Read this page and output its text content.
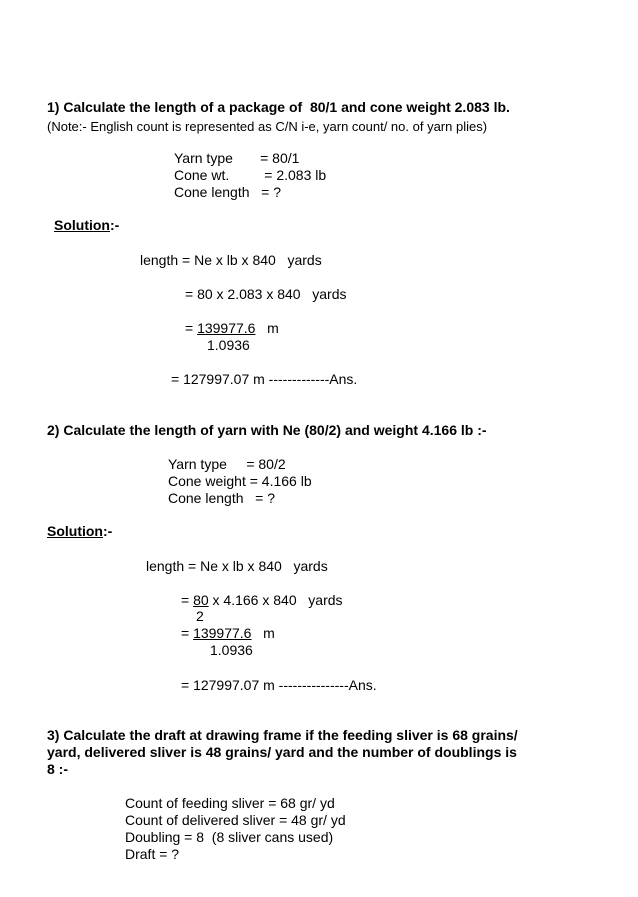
1) Calculate the length of a package of  80/1 and cone weight 2.083 lb.
(Note:- English count is represented as C/N i-e, yarn count/ no. of yarn plies)
Yarn type       = 80/1
Cone wt.         = 2.083 lb
Cone length   = ?
Solution:-
length = Ne x lb x 840   yards
= 80 x 2.083 x 840   yards
= 139977.6   m
1.0936
= 127997.07 m -------------Ans.
2) Calculate the length of yarn with Ne (80/2) and weight 4.166 lb :-
Yarn type     = 80/2
Cone weight = 4.166 lb
Cone length   = ?
Solution:-
length = Ne x lb x 840   yards
= 80 x 4.166 x 840   yards
2
= 139977.6   m
1.0936
= 127997.07 m ---------------Ans.
3) Calculate the draft at drawing frame if the feeding sliver is 68 grains/
yard, delivered sliver is 48 grains/ yard and the number of doublings is
8 :-
Count of feeding sliver = 68 gr/ yd
Count of delivered sliver = 48 gr/ yd
Doubling = 8  (8 sliver cans used)
Draft = ?
